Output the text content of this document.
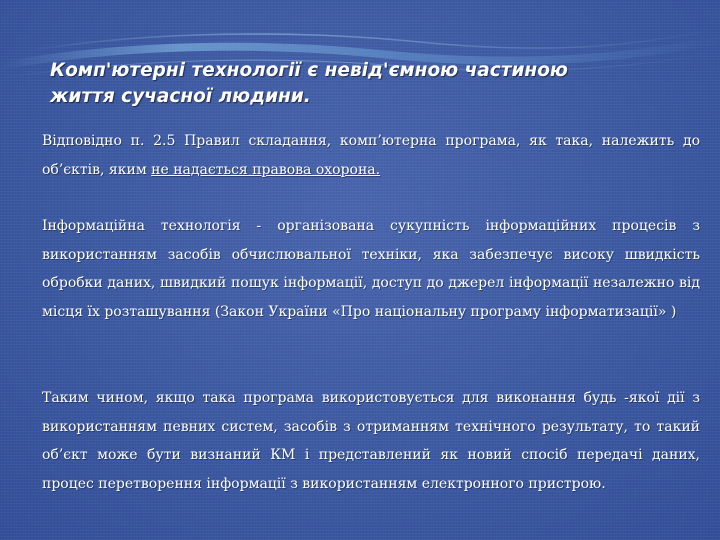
Комп'ютерні технології є невід'ємною частиною
життя сучасної людини.
Відповідно п. 2.5 Правил складання, комп’ютерна програма, як така, належить до об’єктів, яким не надається правова охорона.
Інформаційна технологія - організована сукупність інформаційних процесів з використанням засобів обчислювальної техніки, яка забезпечує високу швидкість обробки даних, швидкий пошук інформації, доступ до джерел інформації незалежно від місця їх розташування (Закон України «Про національну програму інформатизації» )
Таким чином, якщо така програма використовується для виконання будь -якої дії з використанням певних систем, засобів з отриманням технічного результату, то такий об’єкт може бути визнаний КМ і представлений як новий спосіб передачі даних, процес перетворення інформації з використанням електронного пристрою.
